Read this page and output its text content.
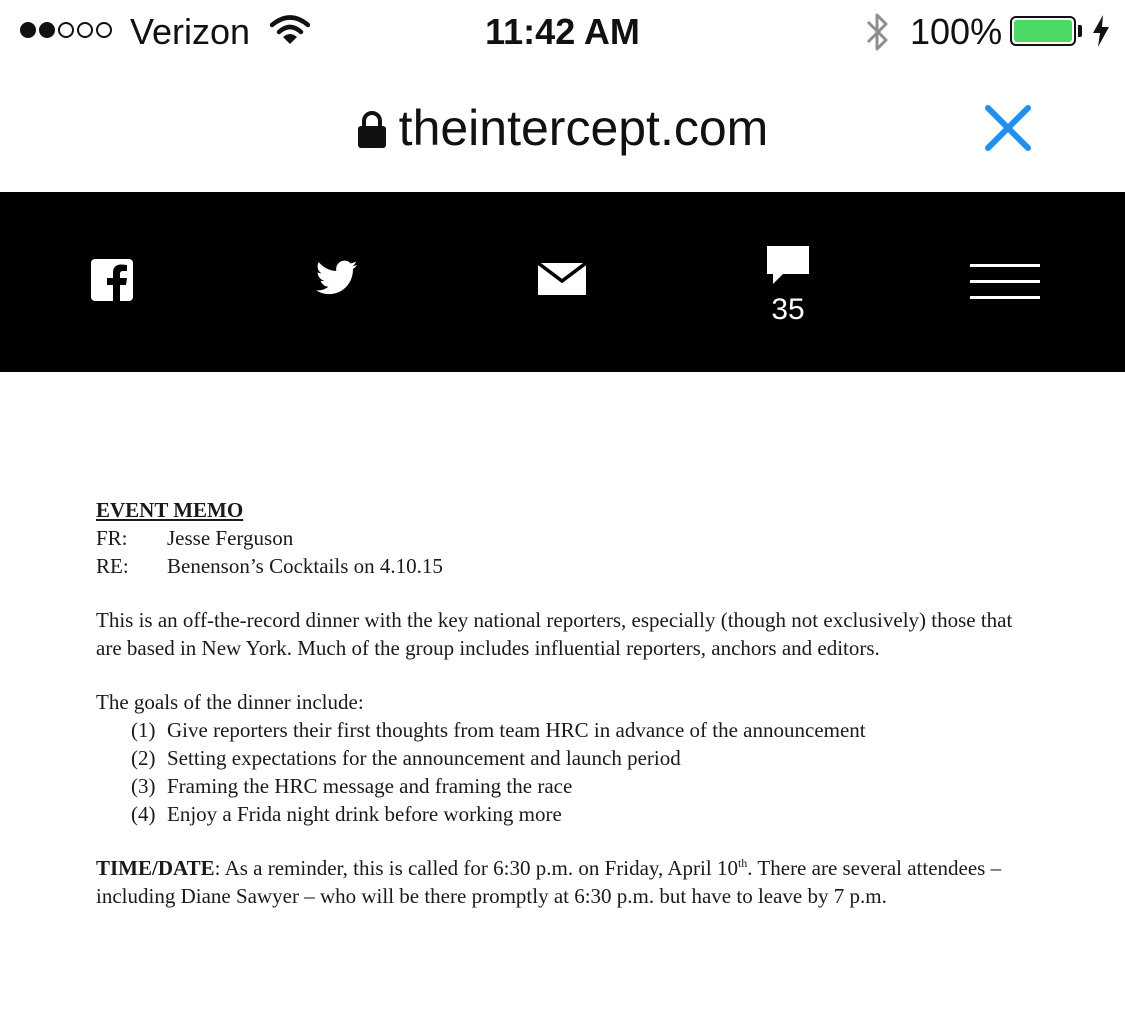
Verizon	11:42 AM	100%
theintercept.com
35

EVENT MEMO

FR:	Jesse Ferguson
RE:	Benenson’s Cocktails on 4.10.15

This is an off-the-record dinner with the key national reporters, especially (though not exclusively) those that are based in New York. Much of the group includes influential reporters, anchors and editors.

The goals of the dinner include:

(1) Give reporters their first thoughts from team HRC in advance of the announcement
(2) Setting expectations for the announcement and launch period
(3) Framing the HRC message and framing the race
(4) Enjoy a Frida night drink before working more

TIME/DATE: As a reminder, this is called for 6:30 p.m. on Friday, April 10th. There are several attendees – including Diane Sawyer – who will be there promptly at 6:30 p.m. but have to leave by 7 p.m.
